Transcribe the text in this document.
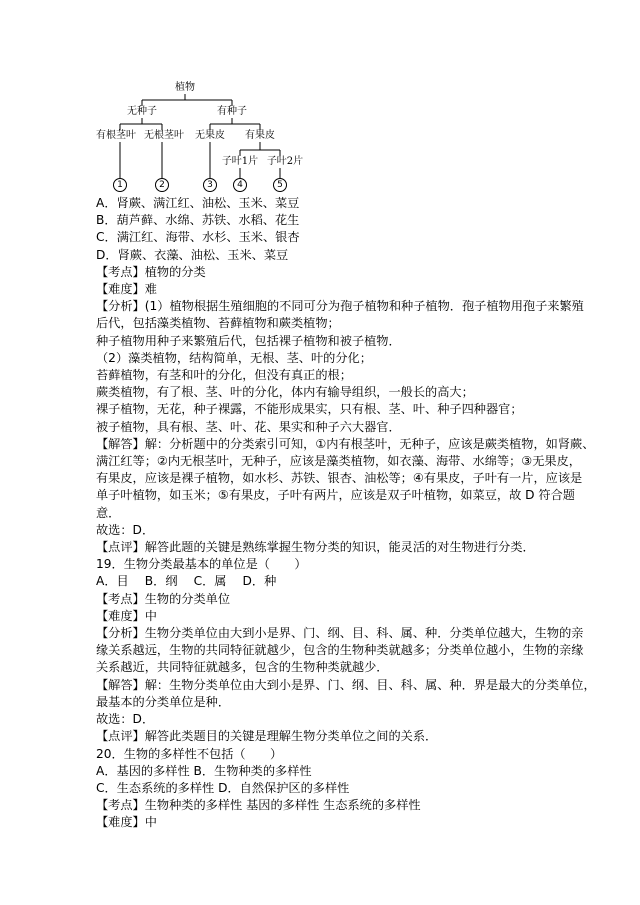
植物
无种子	有种子
有根茎叶 无根茎叶 无果皮 有果皮
子叶1片 子叶2片
1	2	3	4	5
A．肾蕨、满江红、油松、玉米、菜豆
B．葫芦藓、水绵、苏铁、水稻、花生
C．满江红、海带、水杉、玉米、银杏
D．肾蕨、衣藻、油松、玉米、菜豆
【考点】植物的分类
【难度】难
【分析】(1）植物根据生殖细胞的不同可分为孢子植物和种子植物．孢子植物用孢子来繁殖
后代，包括藻类植物、苔藓植物和蕨类植物；
种子植物用种子来繁殖后代，包括裸子植物和被子植物．
（2）藻类植物，结构简单，无根、茎、叶的分化；
苔藓植物，有茎和叶的分化，但没有真正的根；
蕨类植物，有了根、茎、叶的分化，体内有输导组织，一般长的高大；
裸子植物，无花，种子裸露，不能形成果实，只有根、茎、叶、种子四种器官；
被子植物，具有根、茎、叶、花、果实和种子六大器官．
【解答】解：分析题中的分类索引可知，①内有根茎叶，无种子，应该是蕨类植物，如肾蕨、
满江红等；②内无根茎叶，无种子，应该是藻类植物，如衣藻、海带、水绵等；③无果皮，
有果皮，应该是裸子植物，如水杉、苏铁、银杏、油松等；④有果皮，子叶有一片，应该是
单子叶植物，如玉米；⑤有果皮，子叶有两片，应该是双子叶植物，如菜豆，故 D 符合题
意．
故选：D．
【点评】解答此题的关键是熟练掌握生物分类的知识，能灵活的对生物进行分类．
19．生物分类最基本的单位是（　　）
A．目　 B．纲　 C．属　 D．种
【考点】生物的分类单位
【难度】中
【分析】生物分类单位由大到小是界、门、纲、目、科、属、种．分类单位越大，生物的亲
缘关系越远，生物的共同特征就越少，包含的生物种类就越多；分类单位越小，生物的亲缘
关系越近，共同特征就越多，包含的生物种类就越少．
【解答】解：生物分类单位由大到小是界、门、纲、目、科、属、种．界是最大的分类单位，
最基本的分类单位是种．
故选：D．
【点评】解答此类题目的关键是理解生物分类单位之间的关系．
20．生物的多样性不包括（　　）
A．基因的多样性 B．生物种类的多样性
C．生态系统的多样性 D．自然保护区的多样性
【考点】生物种类的多样性 基因的多样性 生态系统的多样性
【难度】中
